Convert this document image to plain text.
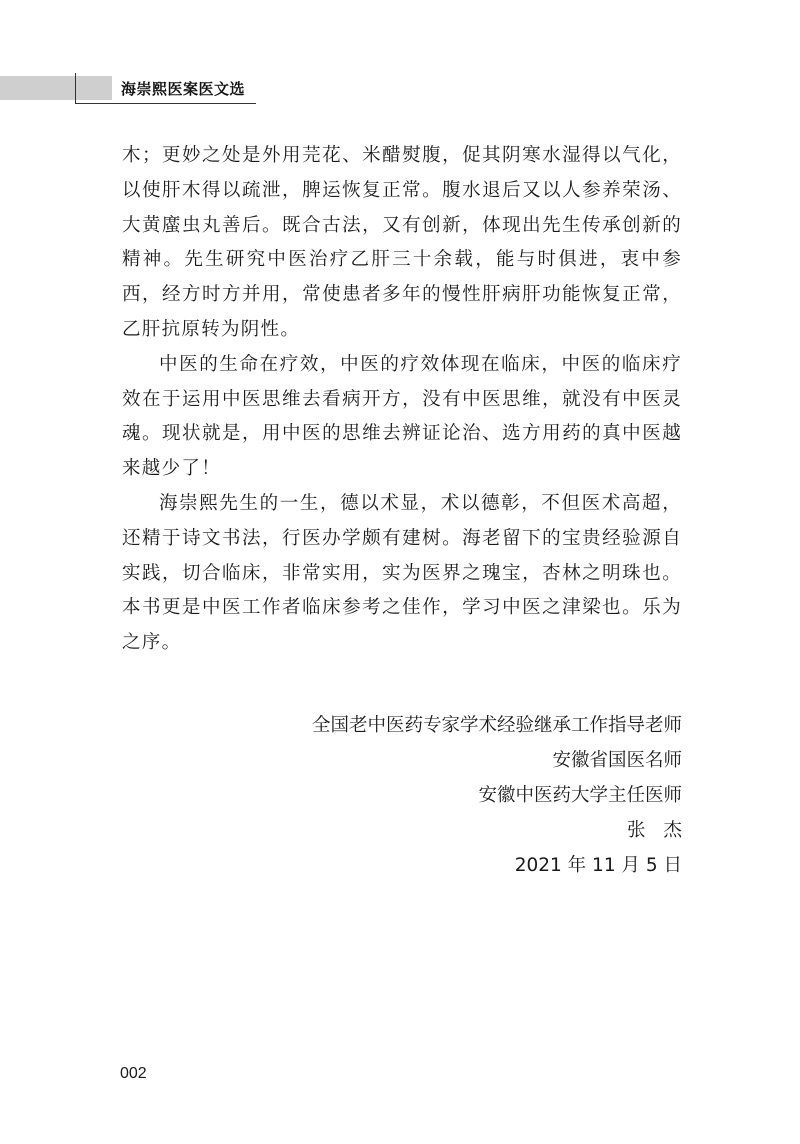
海崇熙医案医文选

木；更妙之处是外用芫花、米醋熨腹，促其阴寒水湿得以气化，以使肝木得以疏泄，脾运恢复正常。腹水退后又以人参养荣汤、大黄䗪虫丸善后。既合古法，又有创新，体现出先生传承创新的精神。先生研究中医治疗乙肝三十余载，能与时俱进，衷中参西，经方时方并用，常使患者多年的慢性肝病肝功能恢复正常，乙肝抗原转为阴性。

中医的生命在疗效，中医的疗效体现在临床，中医的临床疗效在于运用中医思维去看病开方，没有中医思维，就没有中医灵魂。现状就是，用中医的思维去辨证论治、选方用药的真中医越来越少了！

海崇熙先生的一生，德以术显，术以德彰，不但医术高超，还精于诗文书法，行医办学颇有建树。海老留下的宝贵经验源自实践，切合临床，非常实用，实为医界之瑰宝，杏林之明珠也。本书更是中医工作者临床参考之佳作，学习中医之津梁也。乐为之序。

全国老中医药专家学术经验继承工作指导老师
安徽省国医名师
安徽中医药大学主任医师
张杰
2021 年 11 月 5 日
002
